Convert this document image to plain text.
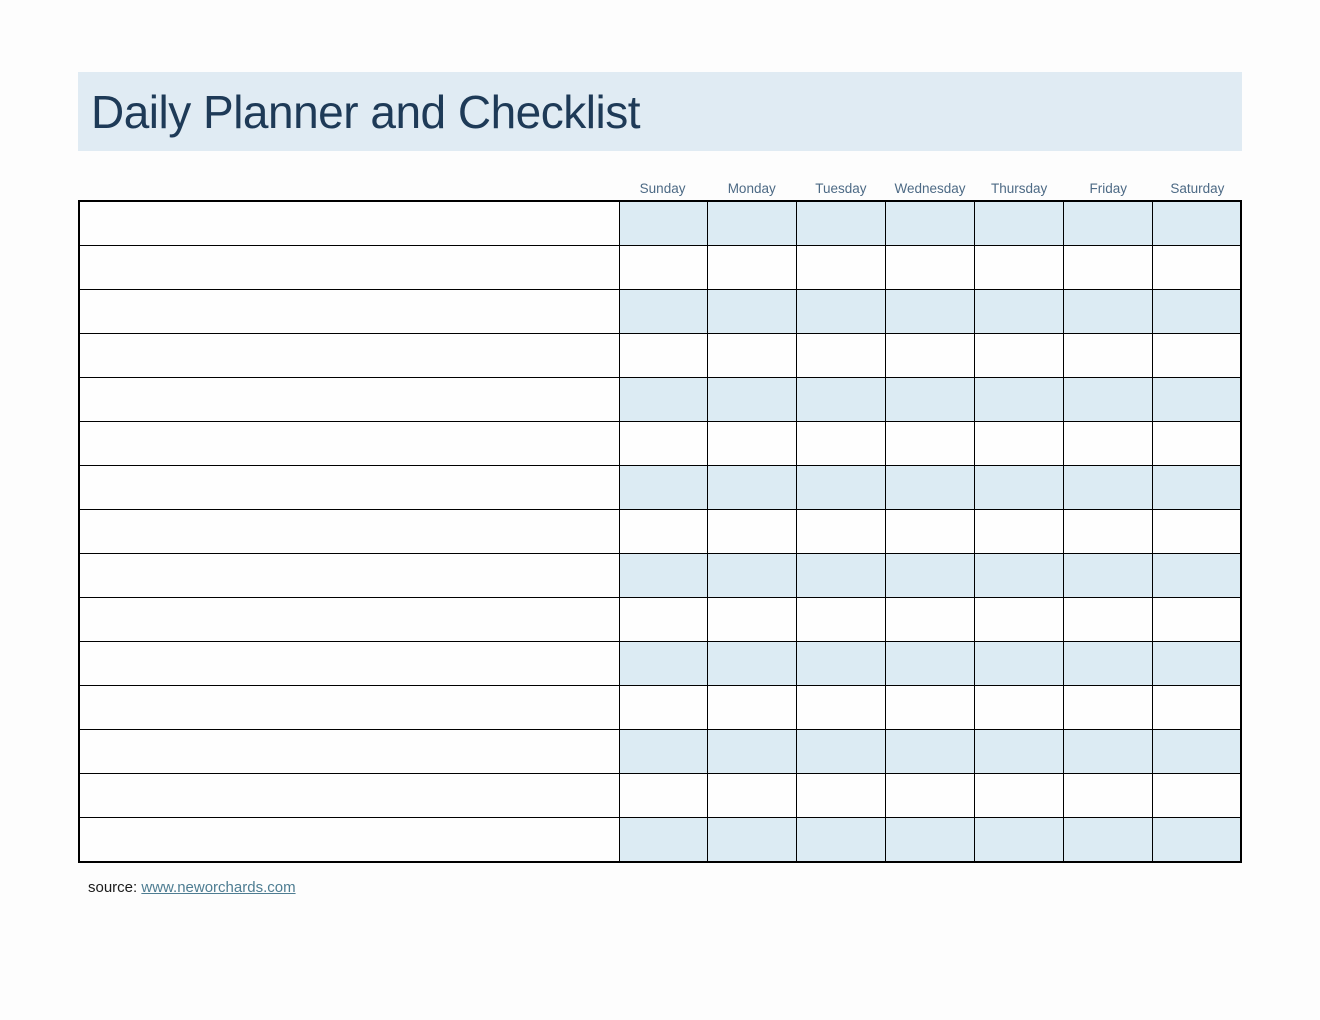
Daily Planner and Checklist
Sunday	Monday	Tuesday	Wednesday	Thursday	Friday	Saturday

source: www.neworchards.com
